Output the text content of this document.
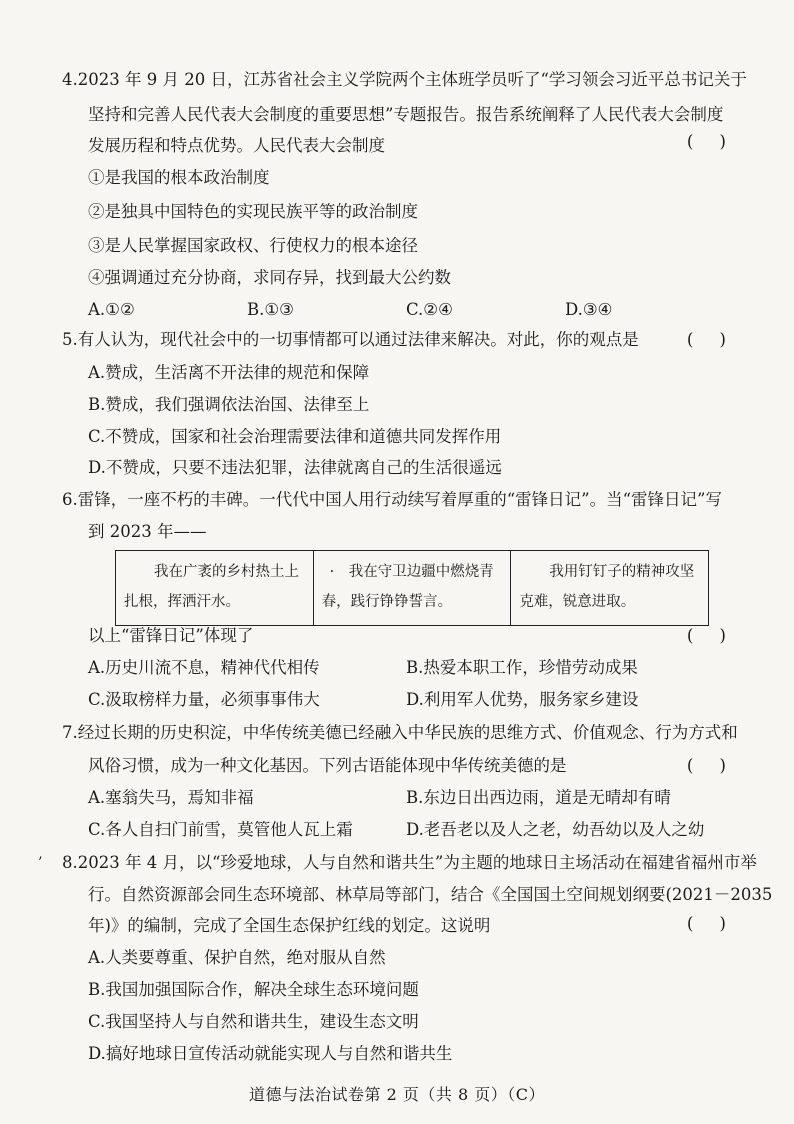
4.2023 年 9 月 20 日，江苏省社会主义学院两个主体班学员听了“学习领会习近平总书记关于
坚持和完善人民代表大会制度的重要思想”专题报告。报告系统阐释了人民代表大会制度
发展历程和特点优势。人民代表大会制度	(     )
①是我国的根本政治制度
②是独具中国特色的实现民族平等的政治制度
③是人民掌握国家政权、行使权力的根本途径
④强调通过充分协商，求同存异，找到最大公约数
A.①②	B.①③	C.②④	D.③④
5.有人认为，现代社会中的一切事情都可以通过法律来解决。对此，你的观点是	(     )
A.赞成，生活离不开法律的规范和保障
B.赞成，我们强调依法治国、法律至上
C.不赞成，国家和社会治理需要法律和道德共同发挥作用
D.不赞成，只要不违法犯罪，法律就离自己的生活很遥远
6.雷锋，一座不朽的丰碑。一代代中国人用行动续写着厚重的“雷锋日记”。当“雷锋日记”写
到 2023 年——
我在广袤的乡村热土上
扎根，挥洒汗水。

·　我在守卫边疆中燃烧青
春，践行铮铮誓言。

我用钉钉子的精神攻坚
克难，锐意进取。
以上“雷锋日记”体现了	(     )
A.历史川流不息，精神代代相传	B.热爱本职工作，珍惜劳动成果
C.汲取榜样力量，必须事事伟大	D.利用军人优势，服务家乡建设
7.经过长期的历史积淀，中华传统美德已经融入中华民族的思维方式、价值观念、行为方式和
风俗习惯，成为一种文化基因。下列古语能体现中华传统美德的是	(     )
A.塞翁失马，焉知非福	B.东边日出西边雨，道是无晴却有晴
C.各人自扫门前雪，莫管他人瓦上霜	D.老吾老以及人之老，幼吾幼以及人之幼
’ 8.2023 年 4 月，以“珍爱地球，人与自然和谐共生”为主题的地球日主场活动在福建省福州市举
行。自然资源部会同生态环境部、林草局等部门，结合《全国国土空间规划纲要(2021－2035
年)》的编制，完成了全国生态保护红线的划定。这说明	(     )
A.人类要尊重、保护自然，绝对服从自然
B.我国加强国际合作，解决全球生态环境问题
C.我国坚持人与自然和谐共生，建设生态文明
D.搞好地球日宣传活动就能实现人与自然和谐共生
道德与法治试卷第 2 页（共 8 页）（C）
